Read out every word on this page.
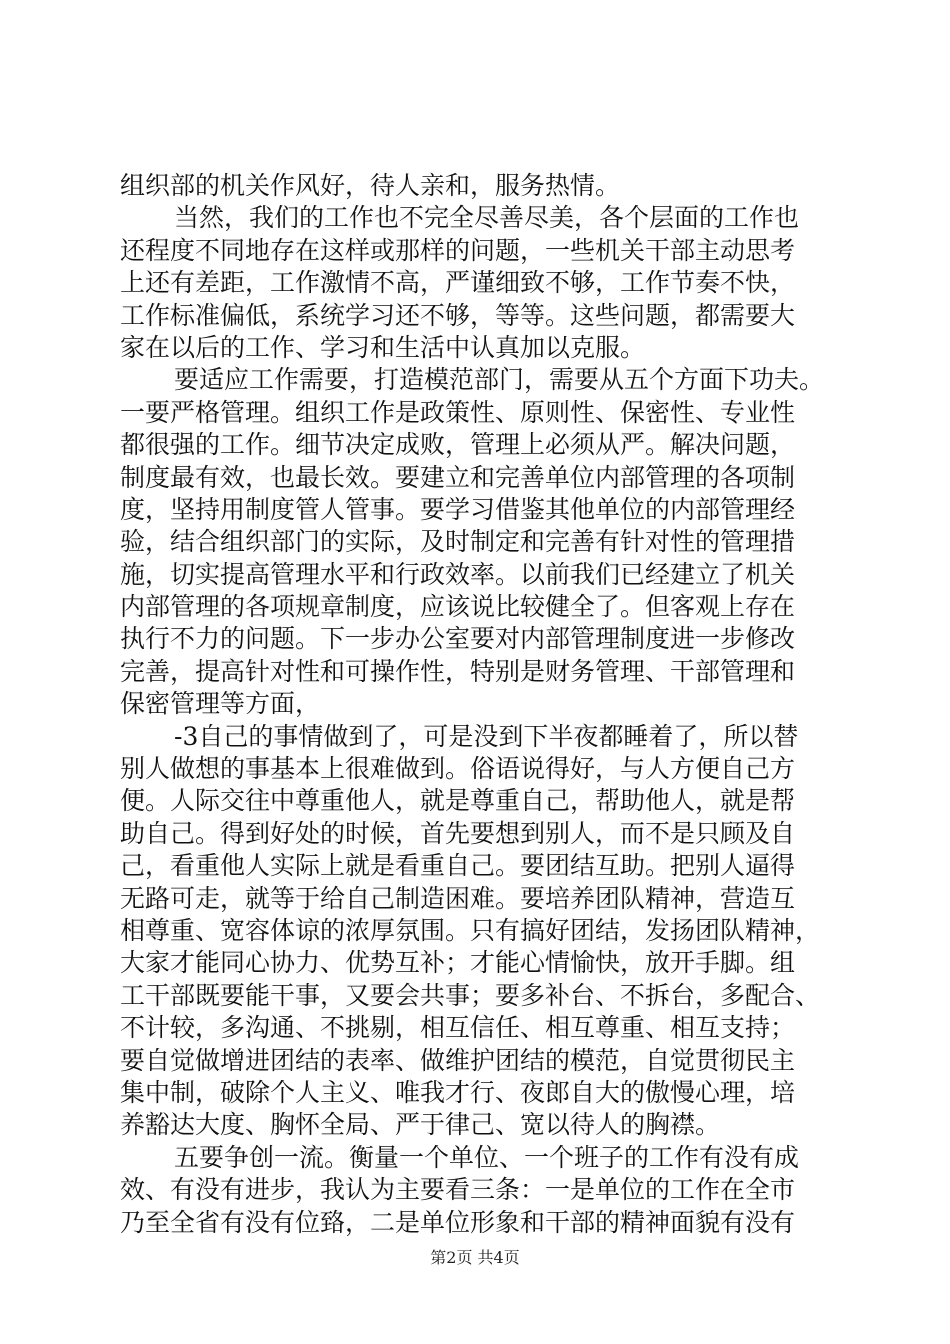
组织部的机关作风好，待人亲和，服务热情。
当然，我们的工作也不完全尽善尽美，各个层面的工作也
还程度不同地存在这样或那样的问题，一些机关干部主动思考
上还有差距，工作激情不高，严谨细致不够，工作节奏不快，
工作标准偏低，系统学习还不够，等等。这些问题，都需要大
家在以后的工作、学习和生活中认真加以克服。
要适应工作需要，打造模范部门，需要从五个方面下功夫。
一要严格管理。组织工作是政策性、原则性、保密性、专业性
都很强的工作。细节决定成败，管理上必须从严。解决问题，
制度最有效，也最长效。要建立和完善单位内部管理的各项制
度，坚持用制度管人管事。要学习借鉴其他单位的内部管理经
验，结合组织部门的实际，及时制定和完善有针对性的管理措
施，切实提高管理水平和行政效率。以前我们已经建立了机关
内部管理的各项规章制度，应该说比较健全了。但客观上存在
执行不力的问题。下一步办公室要对内部管理制度进一步修改
完善，提高针对性和可操作性，特别是财务管理、干部管理和
保密管理等方面，
-3自己的事情做到了，可是没到下半夜都睡着了，所以替
别人做想的事基本上很难做到。俗语说得好，与人方便自己方
便。人际交往中尊重他人，就是尊重自己，帮助他人，就是帮
助自己。得到好处的时候，首先要想到别人，而不是只顾及自
己，看重他人实际上就是看重自己。要团结互助。把别人逼得
无路可走，就等于给自己制造困难。要培养团队精神，营造互
相尊重、宽容体谅的浓厚氛围。只有搞好团结，发扬团队精神，
大家才能同心协力、优势互补；才能心情愉快，放开手脚。组
工干部既要能干事，又要会共事；要多补台、不拆台，多配合、
不计较，多沟通、不挑剔，相互信任、相互尊重、相互支持；
要自觉做增进团结的表率、做维护团结的模范，自觉贯彻民主
集中制，破除个人主义、唯我才行、夜郎自大的傲慢心理，培
养豁达大度、胸怀全局、严于律己、宽以待人的胸襟。
五要争创一流。衡量一个单位、一个班子的工作有没有成
效、有没有进步，我认为主要看三条：一是单位的工作在全市
乃至全省有没有位臵，二是单位形象和干部的精神面貌有没有
第2页 共4页
